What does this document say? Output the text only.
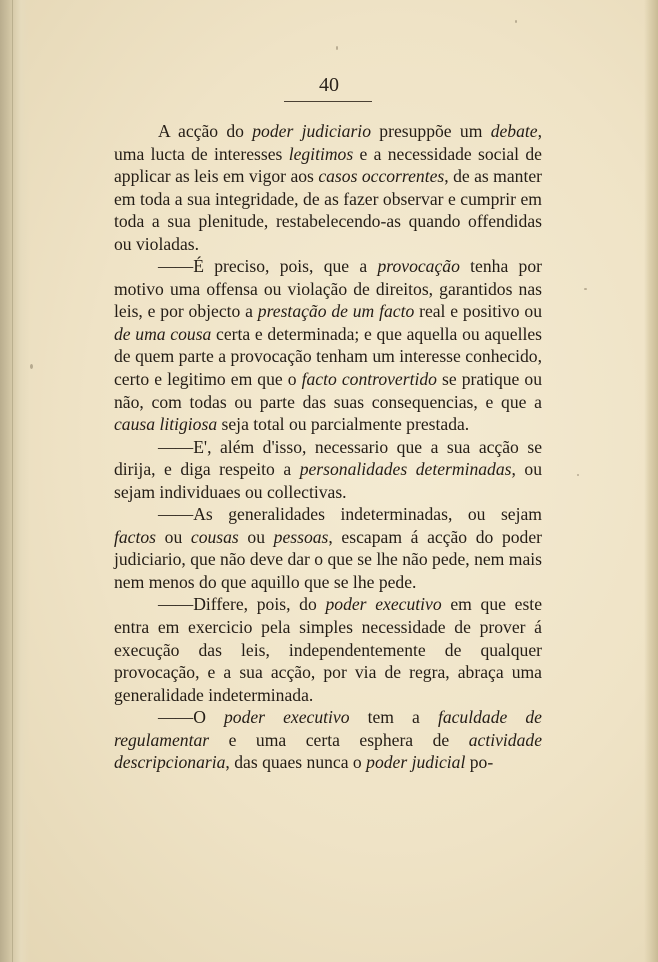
40

A acção do poder judiciario presuppõe um debate, uma lucta de interesses legitimos e a necessidade social de applicar as leis em vigor aos casos occorrentes, de as manter em toda a sua integridade, de as fazer observar e cumprir em toda a sua plenitude, restabelecendo-as quando offendidas ou violadas.

——É preciso, pois, que a provocação tenha por motivo uma offensa ou violação de direitos, garantidos nas leis, e por objecto a prestação de um facto real e positivo ou de uma cousa certa e determinada; e que aquella ou aquelles de quem parte a provocação tenham um interesse conhecido, certo e legitimo em que o facto controvertido se pratique ou não, com todas ou parte das suas consequencias, e que a causa litigiosa seja total ou parcialmente prestada.

——E', além d'isso, necessario que a sua acção se dirija, e diga respeito a personalidades determinadas, ou sejam individuaes ou collectivas.

——As generalidades indeterminadas, ou sejam factos ou cousas ou pessoas, escapam á acção do poder judiciario, que não deve dar o que se lhe não pede, nem mais nem menos do que aquillo que se lhe pede.

——Differe, pois, do poder executivo em que este entra em exercicio pela simples necessidade de prover á execução das leis, independentemente de qualquer provocação, e a sua acção, por via de regra, abraça uma generalidade indeterminada.

——O poder executivo tem a faculdade de regulamentar e uma certa esphera de actividade descripcionaria, das quaes nunca o poder judicial po-
